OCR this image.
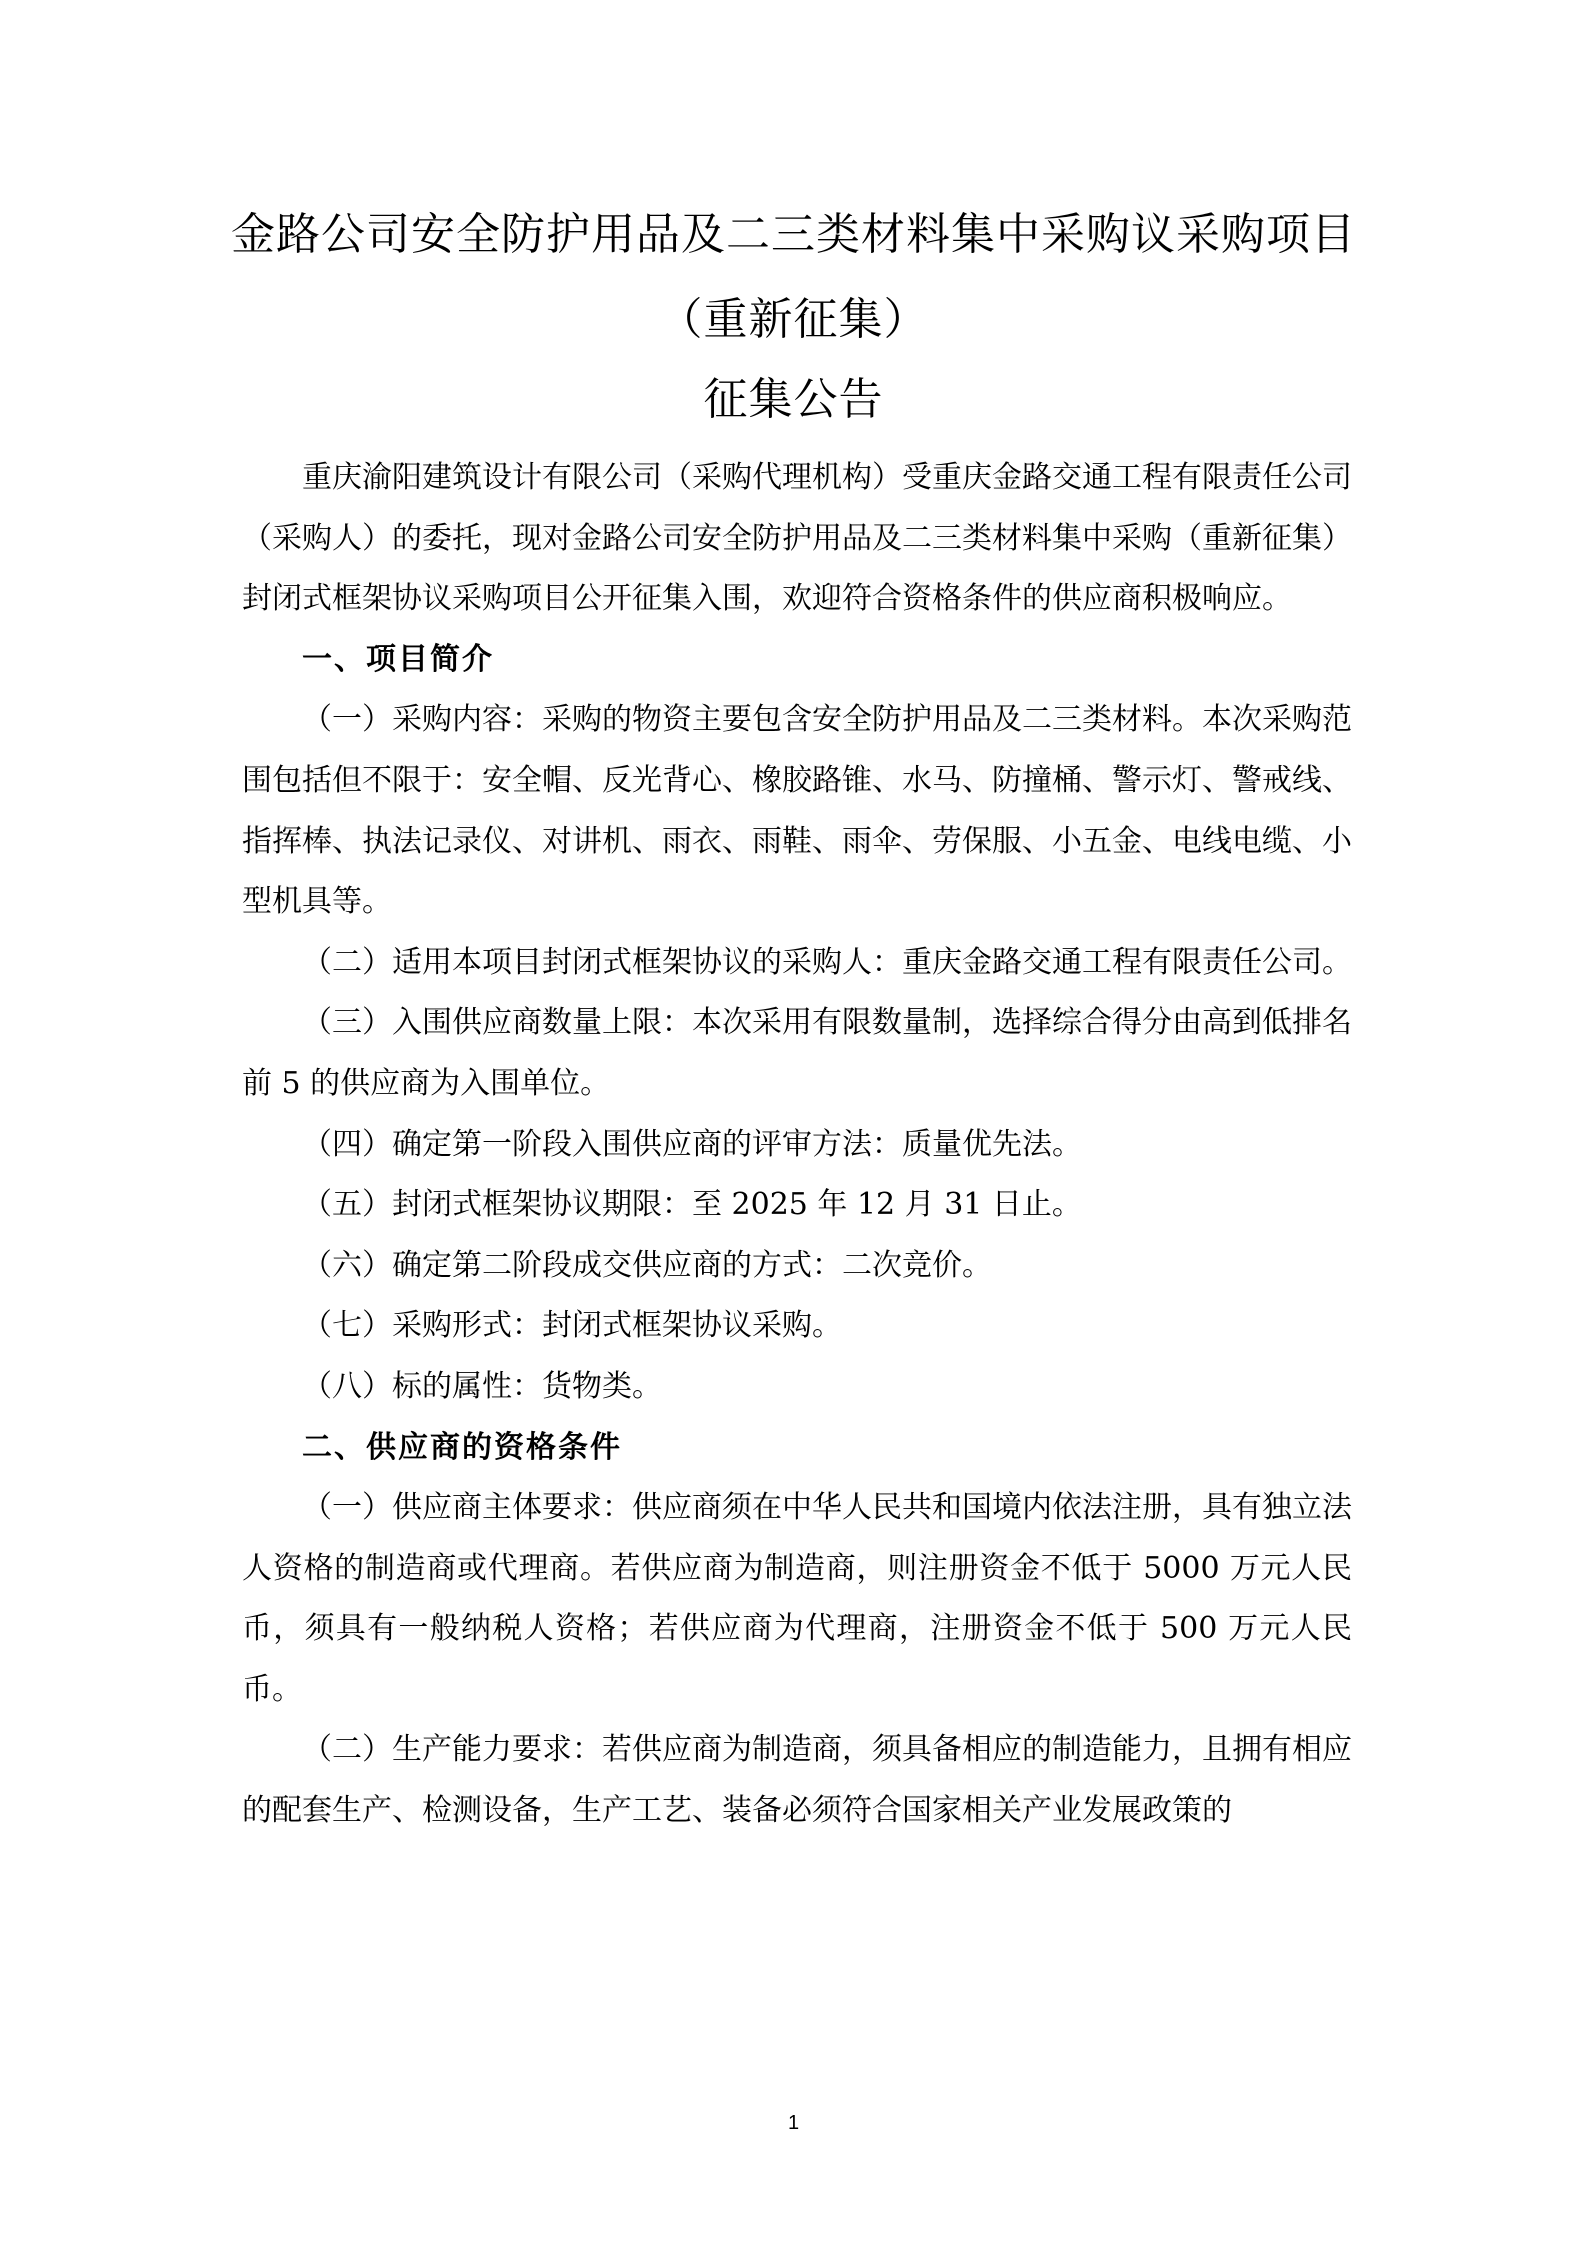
金路公司安全防护用品及二三类材料集中采购议采购项目
（重新征集）
征集公告

重庆渝阳建筑设计有限公司（采购代理机构）受重庆金路交通工程有限责任公司（采购人）的委托，现对金路公司安全防护用品及二三类材料集中采购（重新征集）封闭式框架协议采购项目公开征集入围，欢迎符合资格条件的供应商积极响应。

一、项目简介

（一）采购内容：采购的物资主要包含安全防护用品及二三类材料。本次采购范围包括但不限于：安全帽、反光背心、橡胶路锥、水马、防撞桶、警示灯、警戒线、指挥棒、执法记录仪、对讲机、雨衣、雨鞋、雨伞、劳保服、小五金、电线电缆、小型机具等。

（二）适用本项目封闭式框架协议的采购人：重庆金路交通工程有限责任公司。

（三）入围供应商数量上限：本次采用有限数量制，选择综合得分由高到低排名前 5 的供应商为入围单位。

（四）确定第一阶段入围供应商的评审方法：质量优先法。

（五）封闭式框架协议期限：至 2025 年 12 月 31 日止。

（六）确定第二阶段成交供应商的方式：二次竞价。

（七）采购形式：封闭式框架协议采购。

（八）标的属性：货物类。

二、供应商的资格条件

（一）供应商主体要求：供应商须在中华人民共和国境内依法注册，具有独立法人资格的制造商或代理商。若供应商为制造商，则注册资金不低于 5000 万元人民币，须具有一般纳税人资格；若供应商为代理商，注册资金不低于 500 万元人民币。

（二）生产能力要求：若供应商为制造商，须具备相应的制造能力，且拥有相应的配套生产、检测设备，生产工艺、装备必须符合国家相关产业发展政策的

1
